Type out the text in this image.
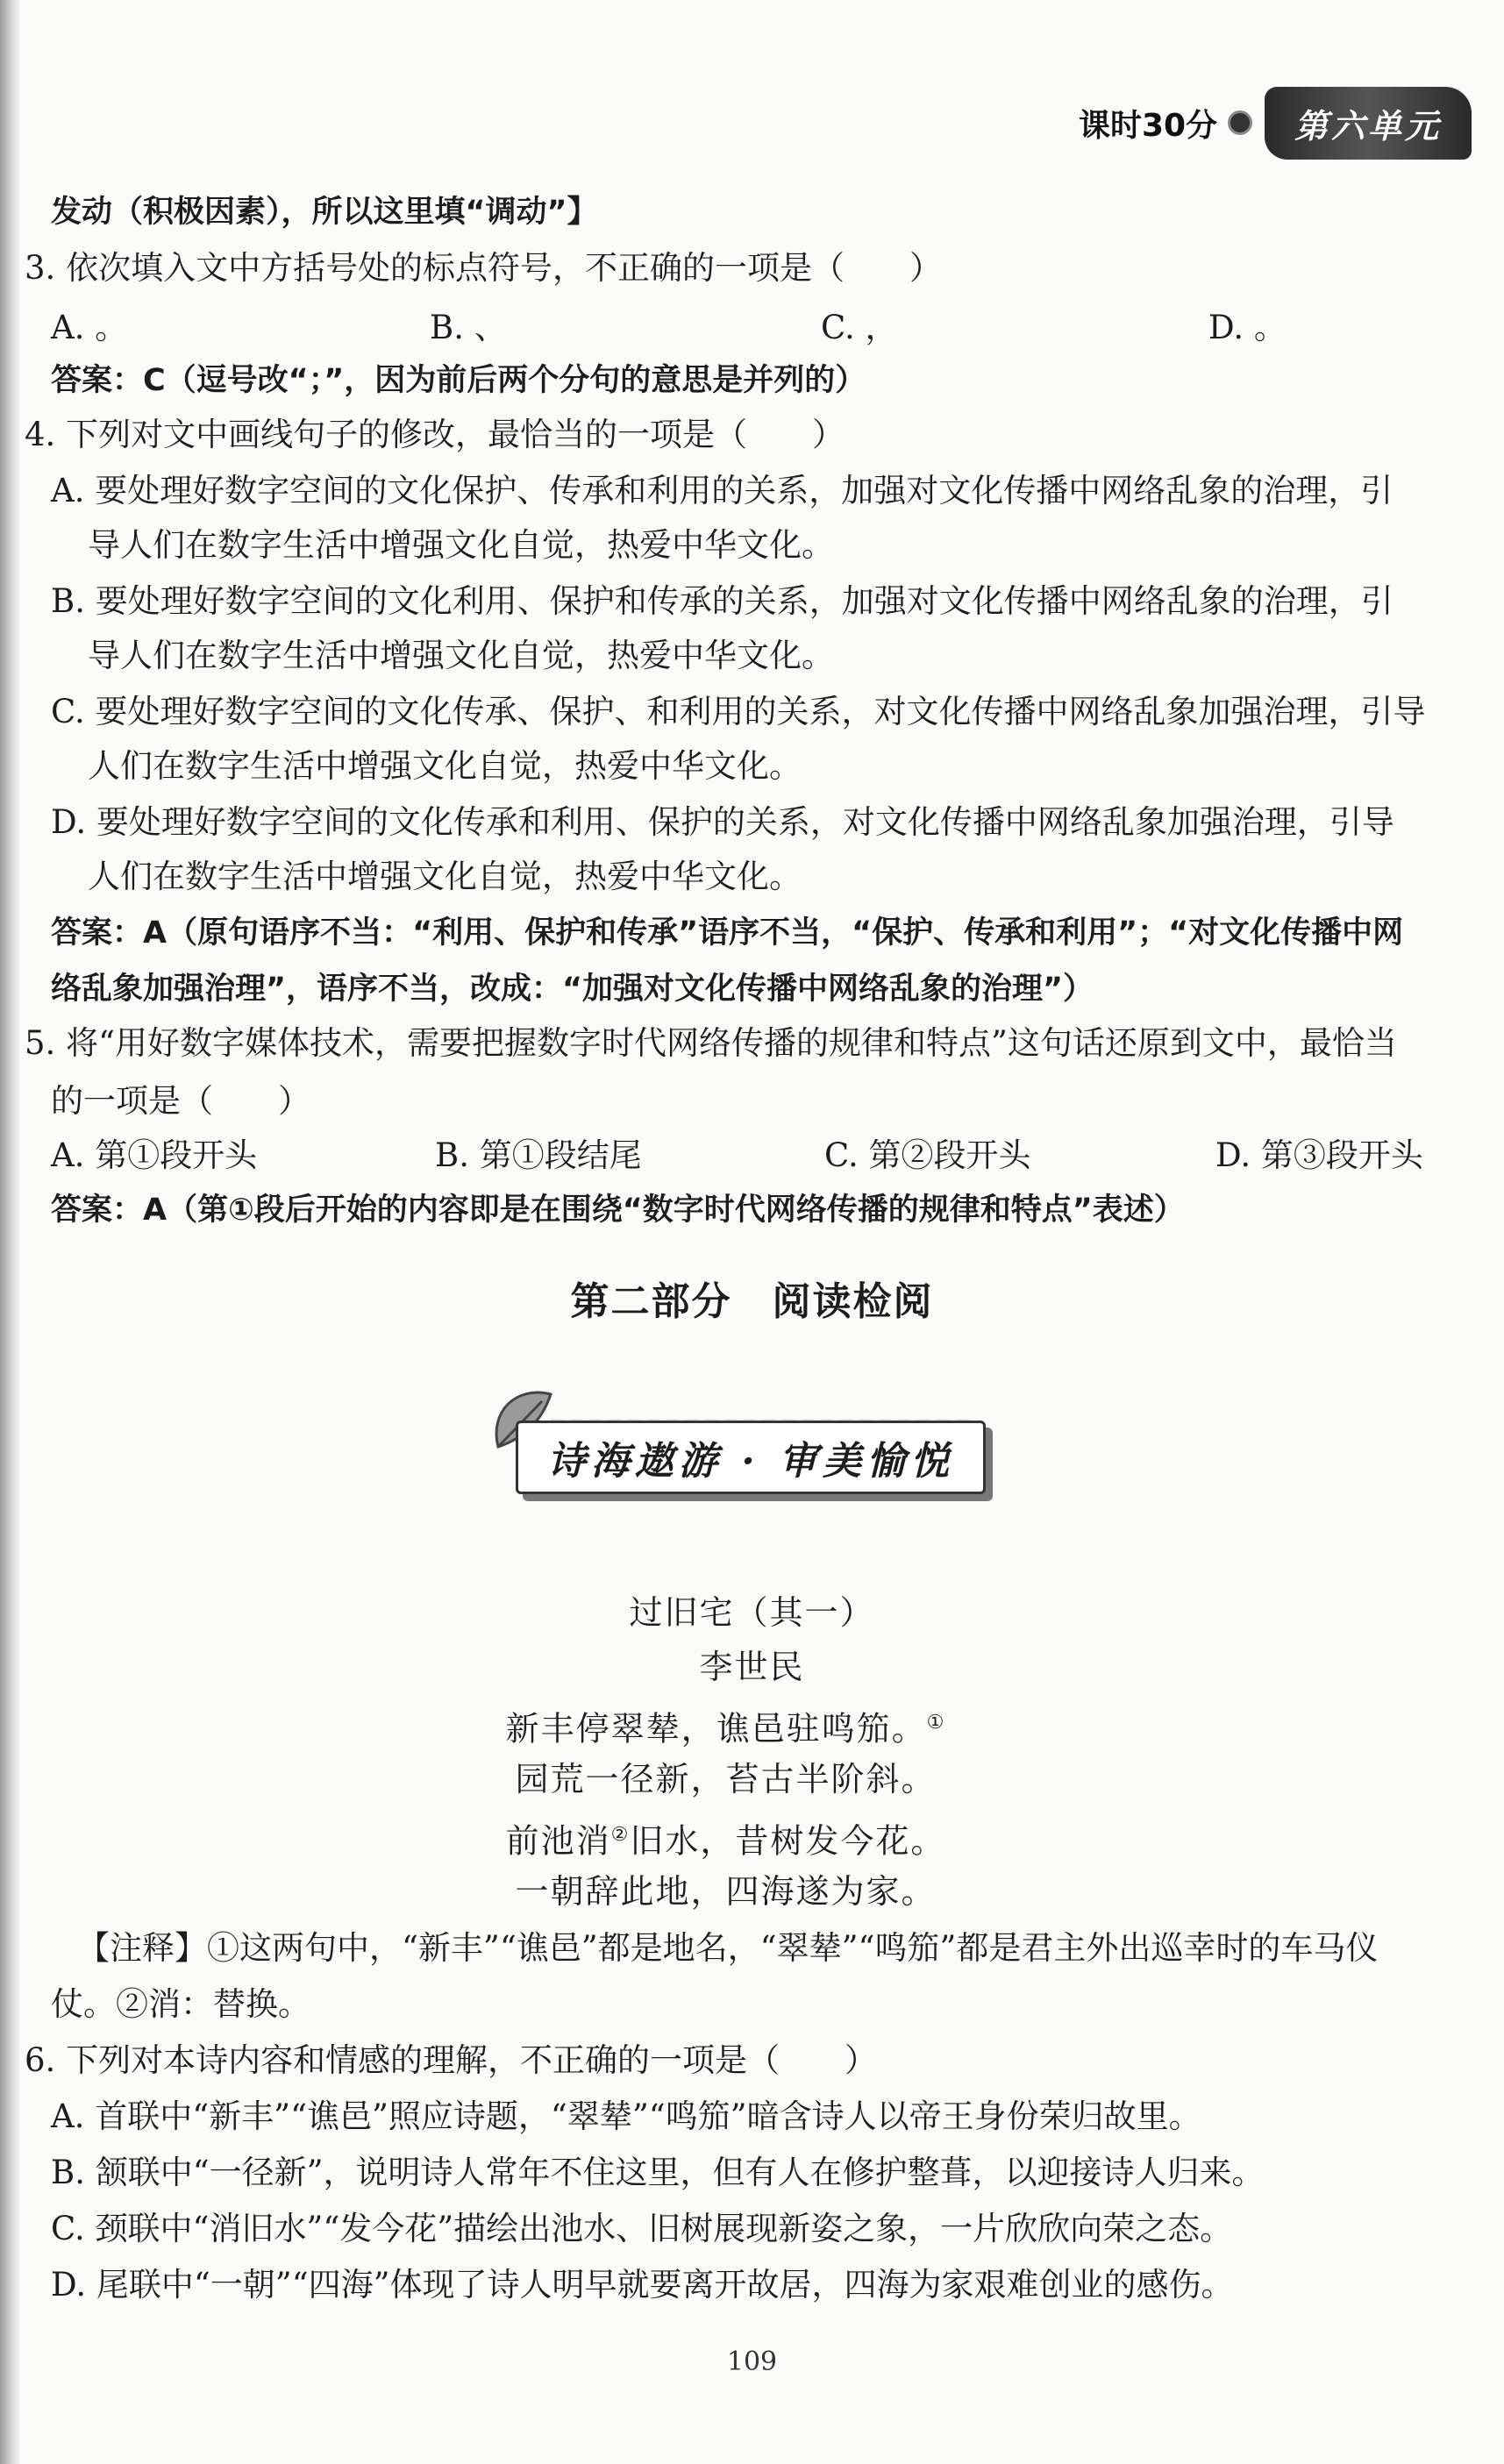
课时30分	第六单元
发动（积极因素），所以这里填“调动”】
3. 依次填入文中方括号处的标点符号，不正确的一项是（　　）
A. 。	B. 、	C. ，	D. 。
答案：C（逗号改“；”，因为前后两个分句的意思是并列的）
4. 下列对文中画线句子的修改，最恰当的一项是（　　）
A. 要处理好数字空间的文化保护、传承和利用的关系，加强对文化传播中网络乱象的治理，引
导人们在数字生活中增强文化自觉，热爱中华文化。
B. 要处理好数字空间的文化利用、保护和传承的关系，加强对文化传播中网络乱象的治理，引
导人们在数字生活中增强文化自觉，热爱中华文化。
C. 要处理好数字空间的文化传承、保护、和利用的关系，对文化传播中网络乱象加强治理，引导
人们在数字生活中增强文化自觉，热爱中华文化。
D. 要处理好数字空间的文化传承和利用、保护的关系，对文化传播中网络乱象加强治理，引导
人们在数字生活中增强文化自觉，热爱中华文化。
答案：A（原句语序不当：“利用、保护和传承”语序不当，“保护、传承和利用”；“对文化传播中网
络乱象加强治理”，语序不当，改成：“加强对文化传播中网络乱象的治理”）
5. 将“用好数字媒体技术，需要把握数字时代网络传播的规律和特点”这句话还原到文中，最恰当
的一项是（　　）
A. 第①段开头	B. 第①段结尾	C. 第②段开头	D. 第③段开头
答案：A（第①段后开始的内容即是在围绕“数字时代网络传播的规律和特点”表述）
第二部分　阅读检阅
诗海遨游 · 审美愉悦
过旧宅（其一）
李世民
新丰停翠辇，谯邑驻鸣笳。①
园荒一径新，苔古半阶斜。
前池消②旧水，昔树发今花。
一朝辞此地，四海遂为家。
【注释】①这两句中，“新丰”“谯邑”都是地名，“翠辇”“鸣笳”都是君主外出巡幸时的车马仪
仗。②消：替换。
6. 下列对本诗内容和情感的理解，不正确的一项是（　　）
A. 首联中“新丰”“谯邑”照应诗题，“翠辇”“鸣笳”暗含诗人以帝王身份荣归故里。
B. 颔联中“一径新”，说明诗人常年不住这里，但有人在修护整葺，以迎接诗人归来。
C. 颈联中“消旧水”“发今花”描绘出池水、旧树展现新姿之象，一片欣欣向荣之态。
D. 尾联中“一朝”“四海”体现了诗人明早就要离开故居，四海为家艰难创业的感伤。
109
